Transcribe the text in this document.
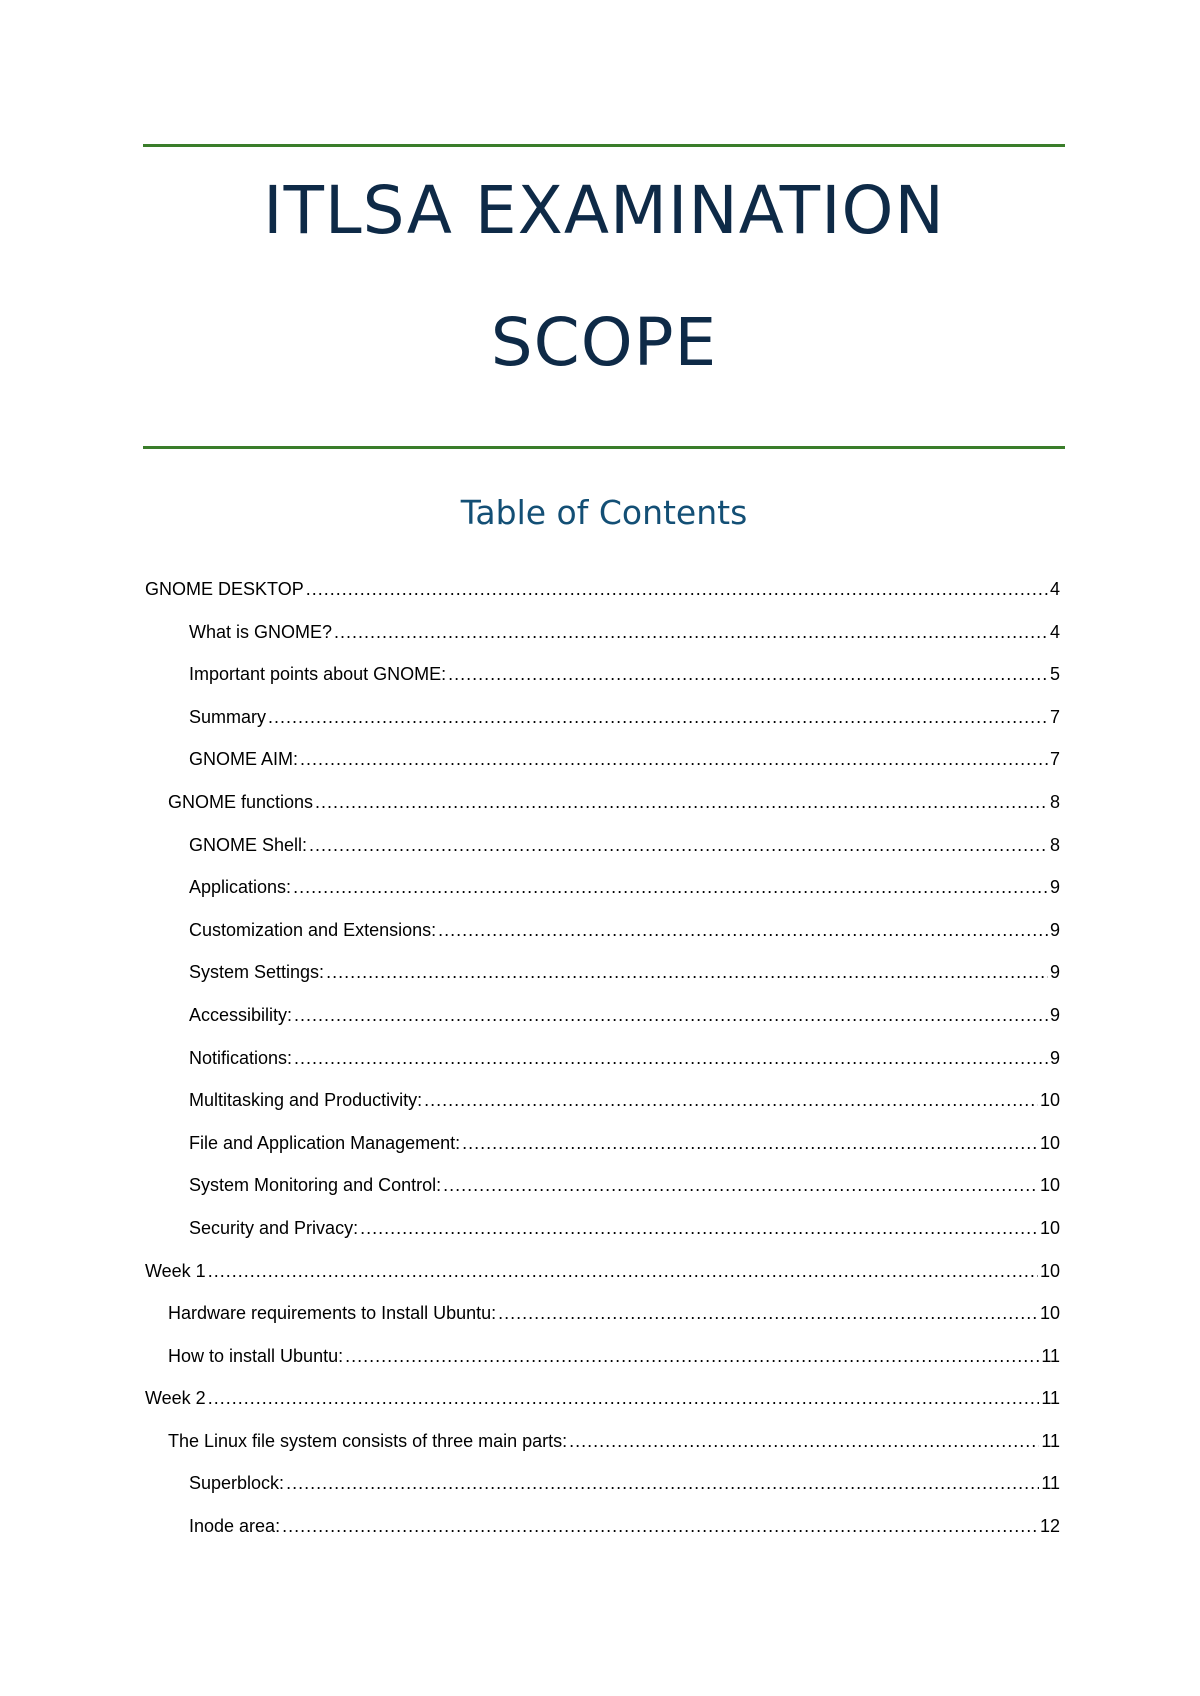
ITLSA EXAMINATION
SCOPE
Table of Contents
GNOME DESKTOP .....	4
What is GNOME? .....	4
Important points about GNOME: .....	5
Summary .....	7
GNOME AIM: .....	7
GNOME functions .....	8
GNOME Shell: .....	8
Applications: .....	9
Customization and Extensions: .....	9
System Settings: .....	9
Accessibility: .....	9
Notifications: .....	9
Multitasking and Productivity: .....	10
File and Application Management: .....	10
System Monitoring and Control: .....	10
Security and Privacy: .....	10
Week 1 .....	10
Hardware requirements to Install Ubuntu: .....	10
How to install Ubuntu: .....	11
Week 2 .....	11
The Linux file system consists of three main parts: .....	11
Superblock: .....	11
Inode area: .....	12
